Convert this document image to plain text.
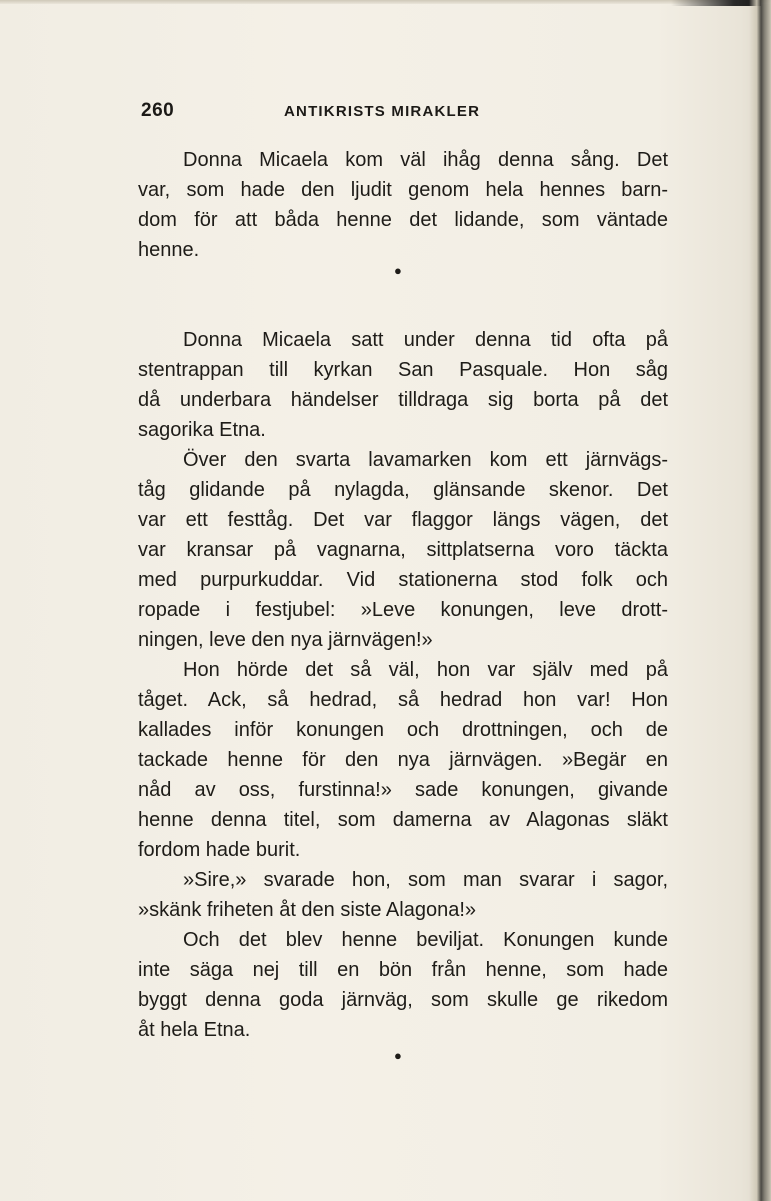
260	ANTIKRISTS MIRAKLER
Donna Micaela kom väl ihåg denna sång. Det
var, som hade den ljudit genom hela hennes barn-
dom för att båda henne det lidande, som väntade
henne.
Donna Micaela satt under denna tid ofta på
stentrappan till kyrkan San Pasquale. Hon såg
då underbara händelser tilldraga sig borta på det
sagorika Etna.
Över den svarta lavamarken kom ett järnvägs-
tåg glidande på nylagda, glänsande skenor. Det
var ett festtåg. Det var flaggor längs vägen, det
var kransar på vagnarna, sittplatserna voro täckta
med purpurkuddar. Vid stationerna stod folk och
ropade i festjubel: »Leve konungen, leve drott-
ningen, leve den nya järnvägen!»
Hon hörde det så väl, hon var själv med på
tåget. Ack, så hedrad, så hedrad hon var! Hon
kallades inför konungen och drottningen, och de
tackade henne för den nya järnvägen. »Begär en
nåd av oss, furstinna!» sade konungen, givande
henne denna titel, som damerna av Alagonas släkt
fordom hade burit.
»Sire,» svarade hon, som man svarar i sagor,
»skänk friheten åt den siste Alagona!»
Och det blev henne beviljat. Konungen kunde
inte säga nej till en bön från henne, som hade
byggt denna goda järnväg, som skulle ge rikedom
åt hela Etna.
●
●
